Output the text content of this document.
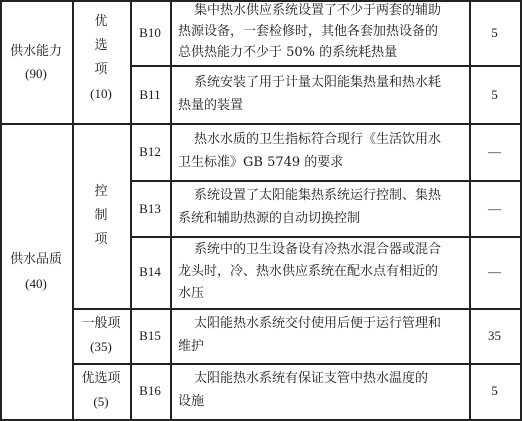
供水能力
(90)
供水品质
(40)
优
选
项
(10)
控
制
项
一般项
(35)
优选项
(5)
B10
B11
B12
B13
B14
B15
B16
集中热水供应系统设置了不少于两套的辅助
热源设备，一套检修时，其他各套加热设备的
总供热能力不少于 50% 的系统耗热量
系统安装了用于计量太阳能集热量和热水耗
热量的装置
热水水质的卫生指标符合现行《生活饮用水
卫生标准》GB 5749 的要求
系统设置了太阳能集热系统运行控制、集热
系统和辅助热源的自动切换控制
系统中的卫生设备设有冷热水混合器或混合
龙头时，冷、热水供应系统在配水点有相近的
水压
太阳能热水系统交付使用后便于运行管理和
维护
太阳能热水系统有保证支管中热水温度的
设施
5
5
—
—
—
35
5
